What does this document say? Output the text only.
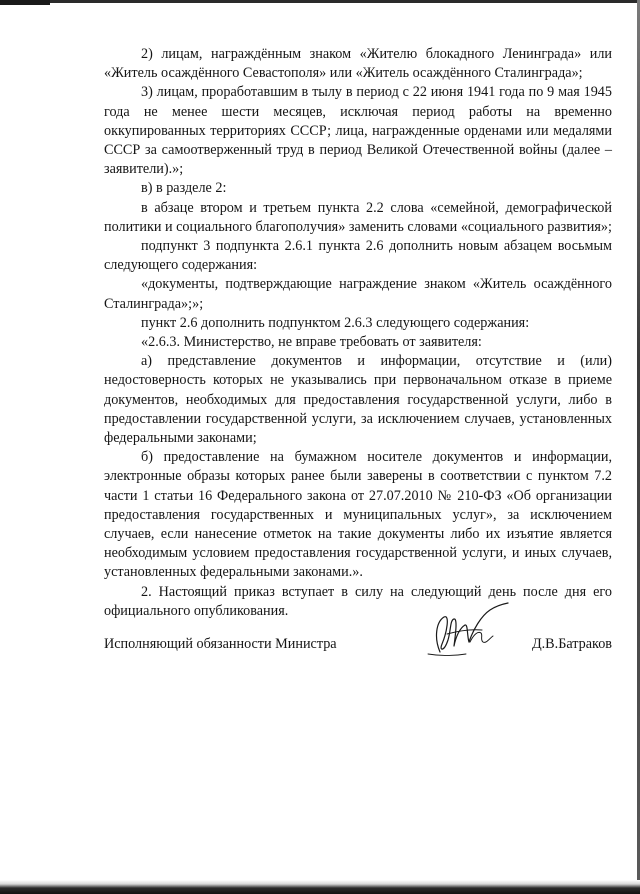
2) лицам, награждённым знаком «Жителю блокадного Ленинграда» или «Житель осаждённого Севастополя» или «Житель осаждённого Сталинграда»;

3) лицам, проработавшим в тылу в период с 22 июня 1941 года по 9 мая 1945 года не менее шести месяцев, исключая период работы на временно оккупированных территориях СССР; лица, награжденные орденами или медалями СССР за самоотверженный труд в период Великой Отечественной войны (далее – заявители).»;

в) в разделе 2:

в абзаце втором и третьем пункта 2.2 слова «семейной, демографической политики и социального благополучия» заменить словами «социального развития»;

подпункт 3 подпункта 2.6.1 пункта 2.6 дополнить новым абзацем восьмым следующего содержания:

«документы, подтверждающие награждение знаком «Житель осаждённого Сталинграда»;»;

пункт 2.6 дополнить подпунктом 2.6.3 следующего содержания:

«2.6.3. Министерство, не вправе требовать от заявителя:

а) представление документов и информации, отсутствие и (или) недостоверность которых не указывались при первоначальном отказе в приеме документов, необходимых для предоставления государственной услуги, либо в предоставлении государственной услуги, за исключением случаев, установленных федеральными законами;

б) предоставление на бумажном носителе документов и информации, электронные образы которых ранее были заверены в соответствии с пунктом 7.2 части 1 статьи 16 Федерального закона от 27.07.2010 № 210-ФЗ «Об организации предоставления государственных и муниципальных услуг», за исключением случаев, если нанесение отметок на такие документы либо их изъятие является необходимым условием предоставления государственной услуги, и иных случаев, установленных федеральными законами.».

2. Настоящий приказ вступает в силу на следующий день после дня его официального опубликования.

Исполняющий обязанности Министра	Д.В.Батраков
